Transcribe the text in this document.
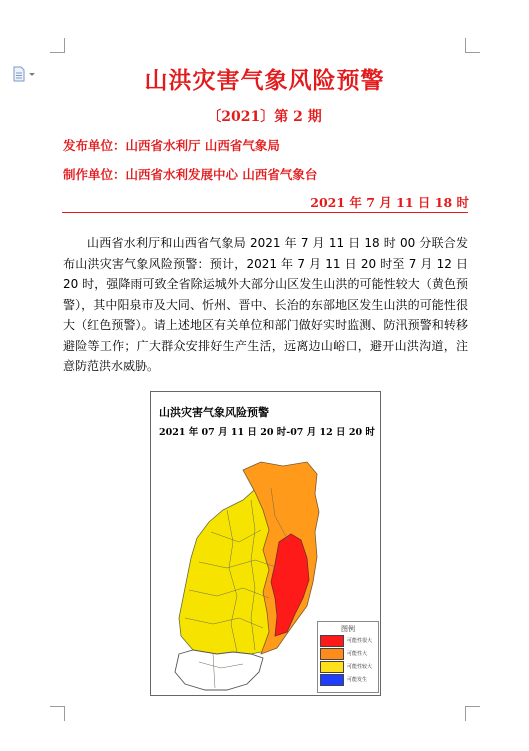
山洪灾害气象风险预警
〔2021〕第 2 期
发布单位：山西省水利厅 山西省气象局
制作单位：山西省水利发展中心 山西省气象台
2021 年 7 月 11 日 18 时
山西省水利厅和山西省气象局 2021 年 7 月 11 日 18 时 00 分联合发布山洪灾害气象风险预警：预计，2021 年 7 月 11 日 20 时至 7 月 12 日 20 时，强降雨可致全省除运城外大部分山区发生山洪的可能性较大（黄色预警），其中阳泉市及大同、忻州、晋中、长治的东部地区发生山洪的可能性很大（红色预警）。请上述地区有关单位和部门做好实时监测、防汛预警和转移避险等工作；广大群众安排好生产生活，远离边山峪口，避开山洪沟道，注意防范洪水威胁。
山洪灾害气象风险预警
2021 年 07 月 11 日 20 时-07 月 12 日 20 时
图例
可能性很大
可能性大
可能性较大
可能发生
